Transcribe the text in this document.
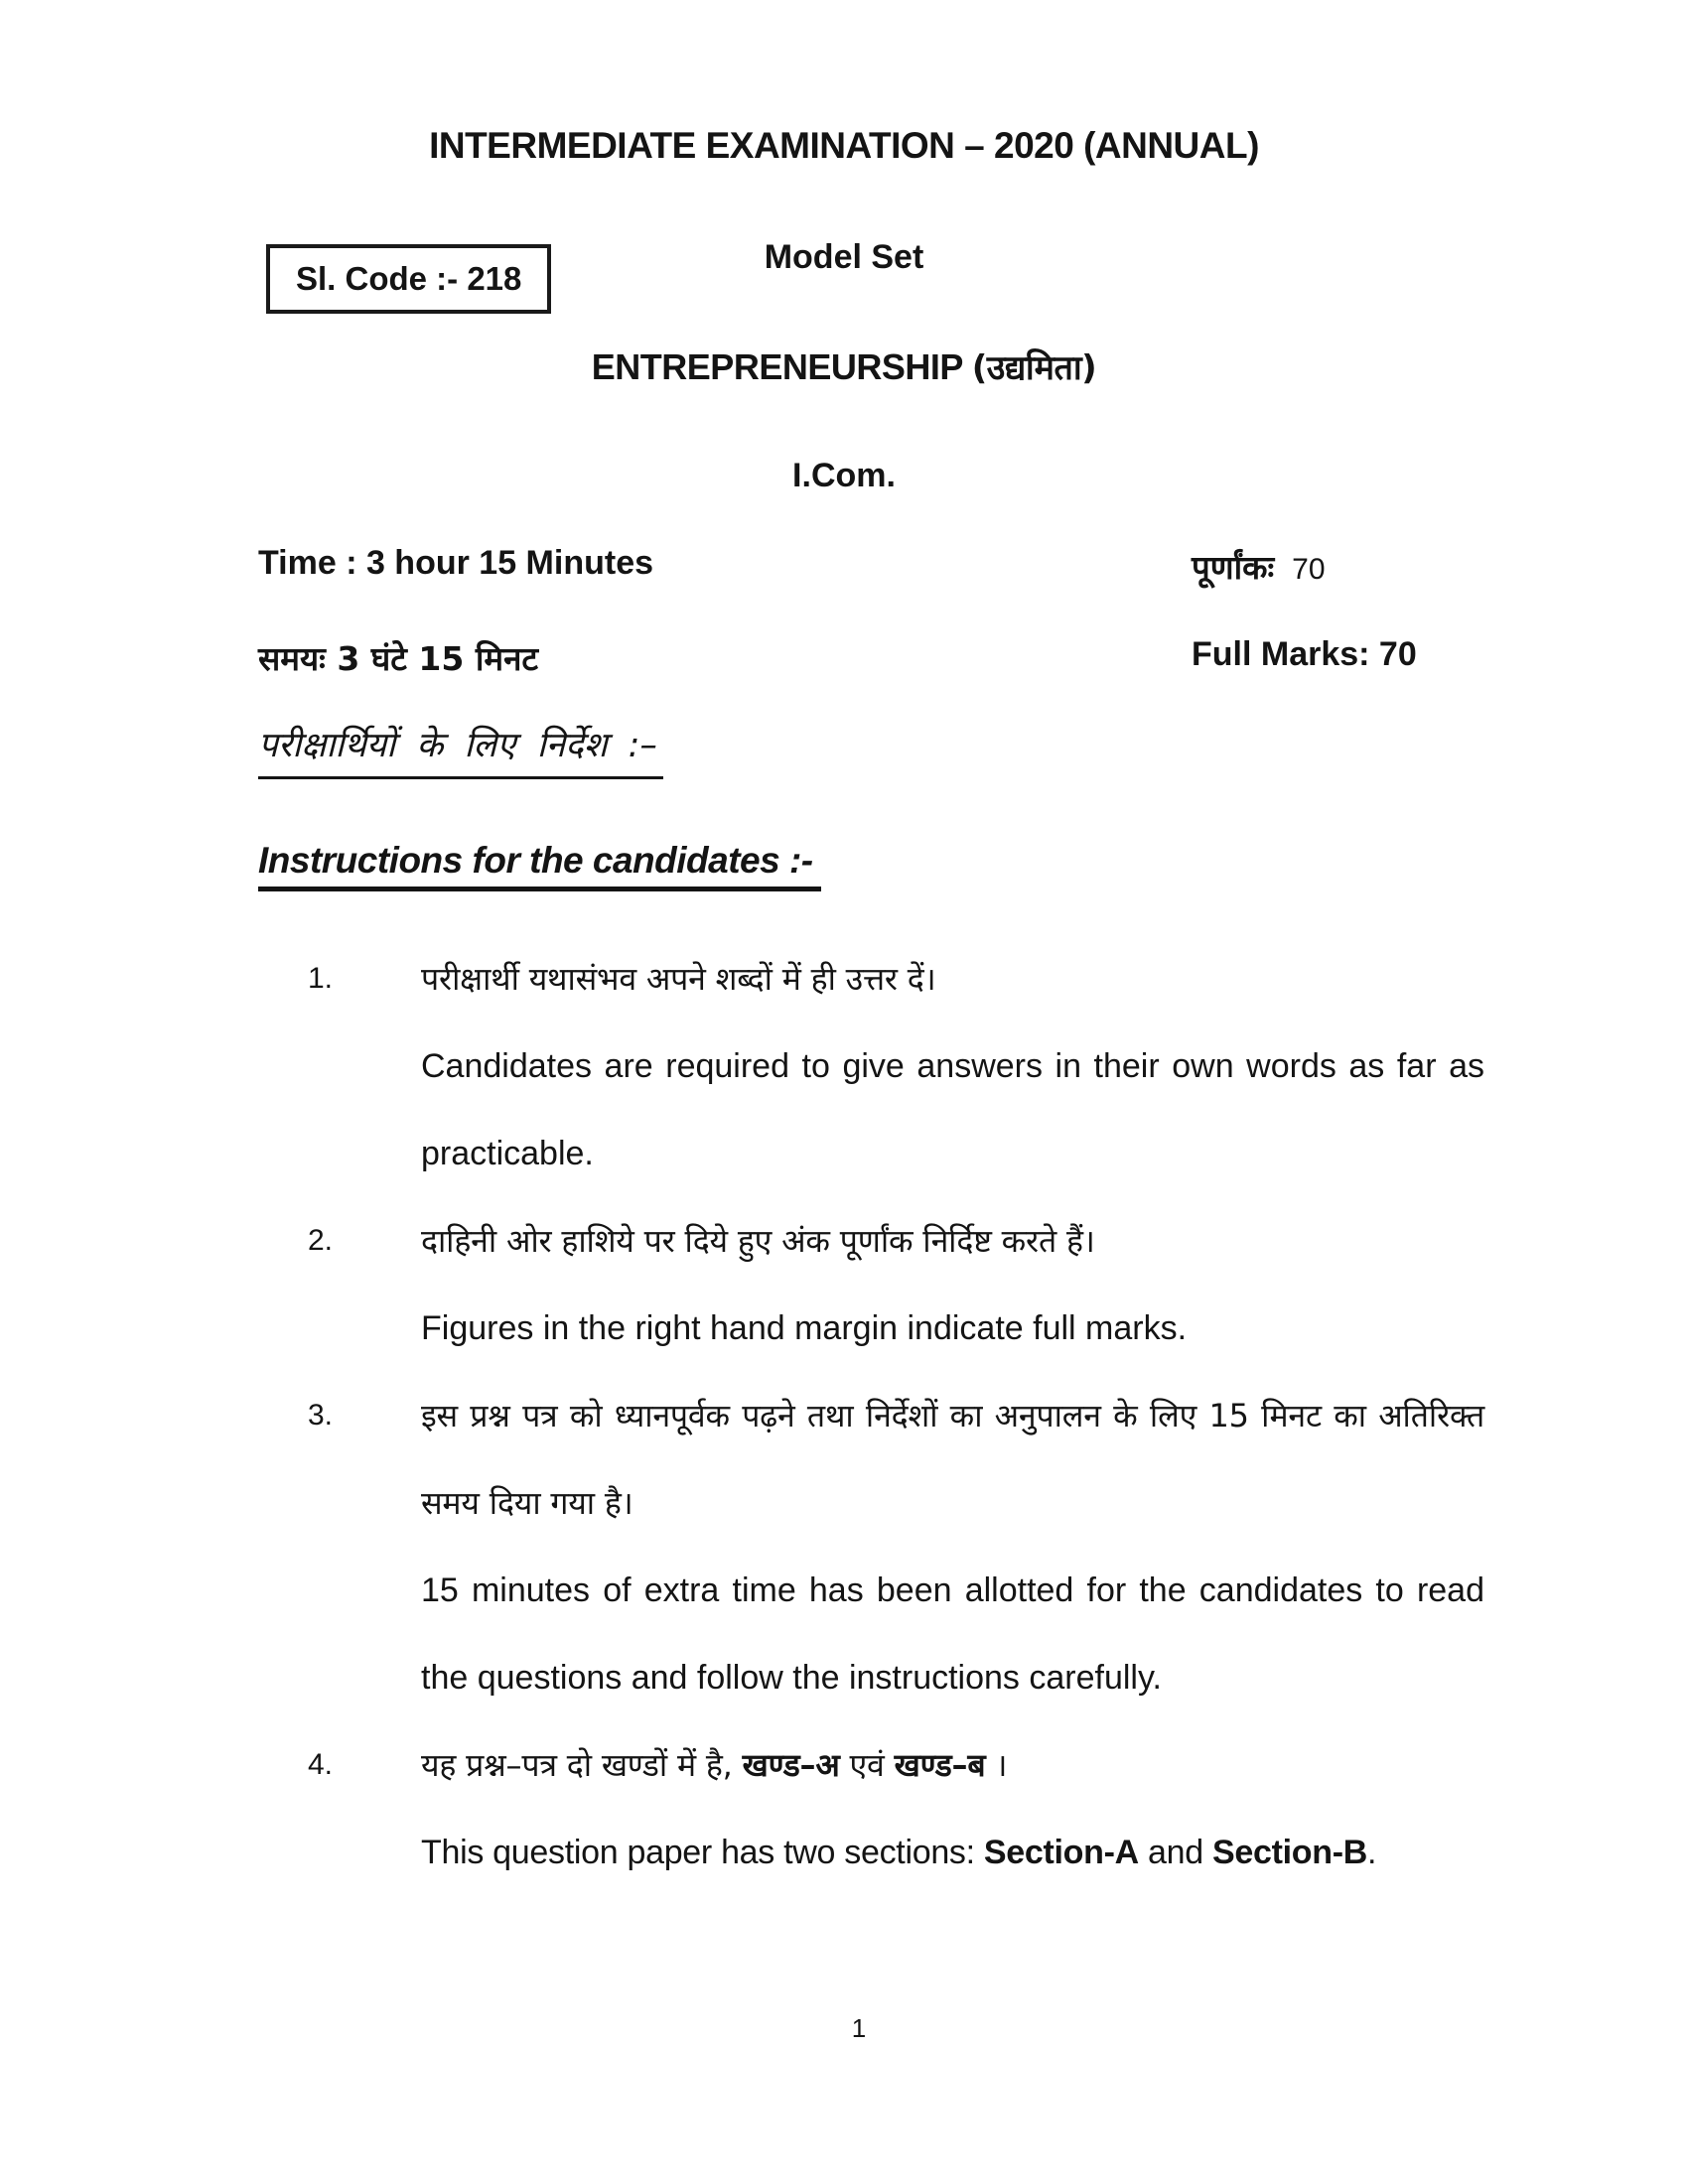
INTERMEDIATE EXAMINATION – 2020 (ANNUAL)
Sl. Code :- 218
Model Set
ENTREPRENEURSHIP (उद्यमिता)
I.Com.
Time : 3 hour 15 Minutes	पूर्णांकः 70
समयः 3 घंटे 15 मिनट	Full Marks: 70
परीक्षार्थियों के लिए निर्देश :–
Instructions for the candidates :-
1.	परीक्षार्थी यथासंभव अपने शब्दों में ही उत्तर दें।

Candidates are required to give answers in their own words as far as practicable.

2.	दाहिनी ओर हाशिये पर दिये हुए अंक पूर्णांक निर्दिष्ट करते हैं।

Figures in the right hand margin indicate full marks.

3.	इस प्रश्न पत्र को ध्यानपूर्वक पढ़ने तथा निर्देशों का अनुपालन के लिए 15 मिनट का अतिरिक्त समय दिया गया है।

15 minutes of extra time has been allotted for the candidates to read the questions and follow the instructions carefully.

4.	यह प्रश्न–पत्र दो खण्डों में है, खण्ड–अ एवं खण्ड–ब ।

This question paper has two sections: Section-A and Section-B.

1
